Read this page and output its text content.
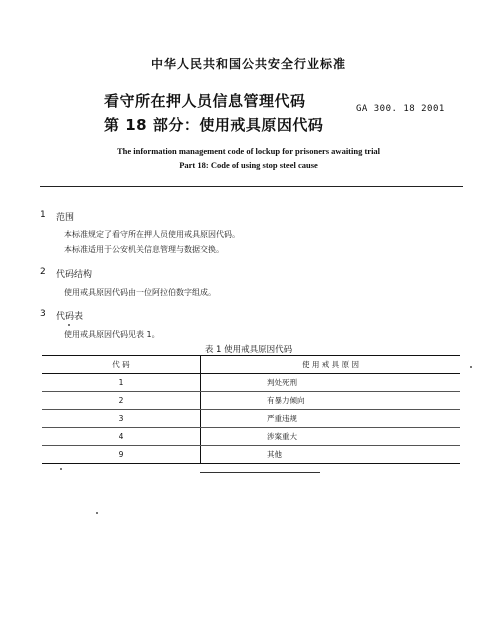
中华人民共和国公共安全行业标准
看守所在押人员信息管理代码
第 18 部分：使用戒具原因代码
GA 300. 18 2001
The information management code of lockup for prisoners awaiting trial
Part 18: Code of using stop steel cause
1 范围
本标准规定了看守所在押人员使用戒具原因代码。
本标准适用于公安机关信息管理与数据交换。
2 代码结构
使用戒具原因代码由一位阿拉伯数字组成。
3 代码表
使用戒具原因代码见表 1。
表 1 使用戒具原因代码
代 码	使 用 戒 具 原 因
1	判处死刑
2	有暴力倾向
3	严重违规
4	涉案重大
9	其他
